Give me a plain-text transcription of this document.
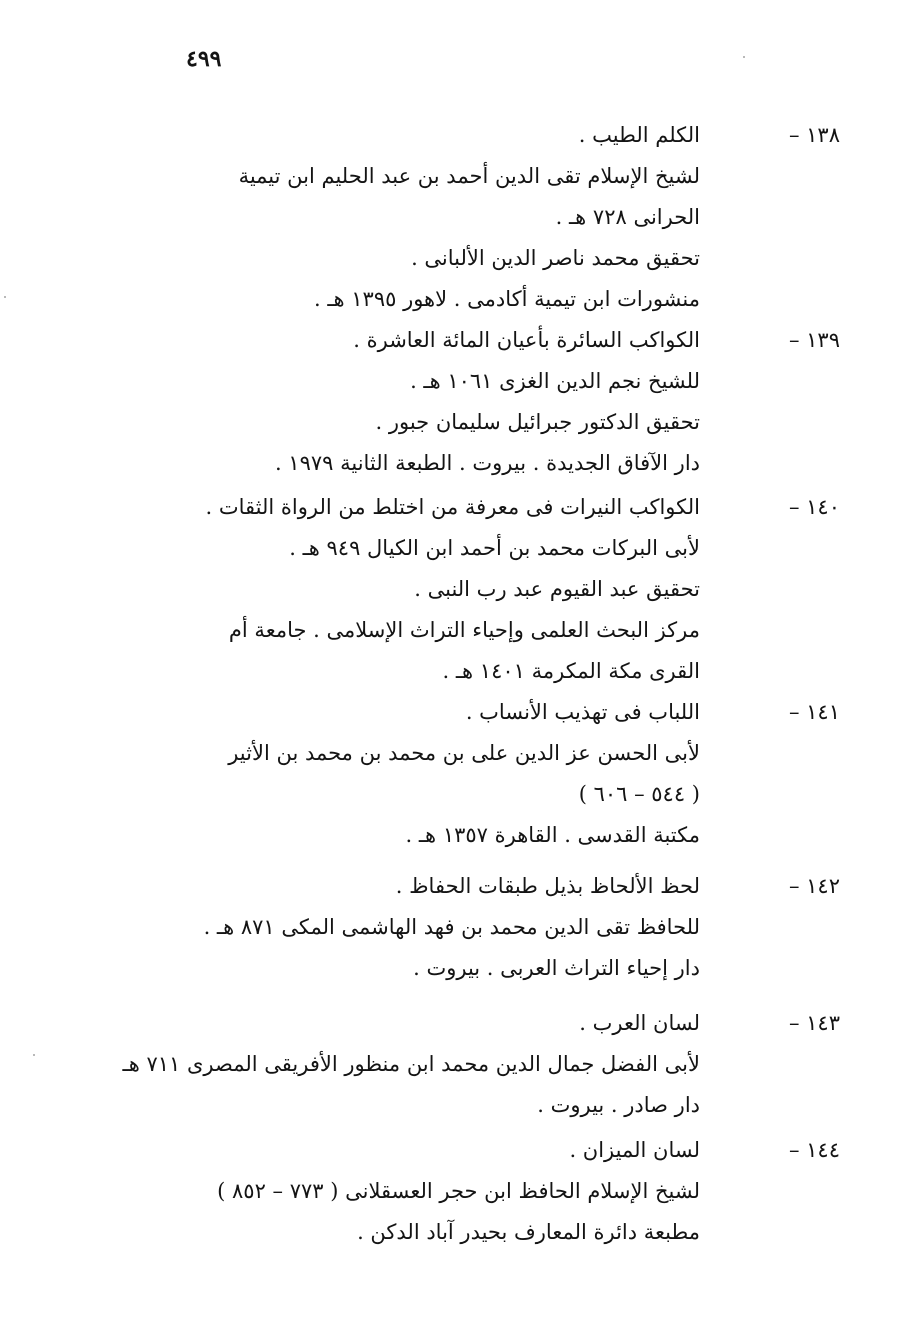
٤٩٩
١٣٨ –
الكلم الطيب .
لشيخ الإسلام تقى الدين أحمد بن عبد الحليم ابن تيمية
الحرانى ٧٢٨ هـ .
تحقيق محمد ناصر الدين الألبانى .
منشورات ابن تيمية أكادمى . لاهور ١٣٩٥ هـ .
١٣٩ –
الكواكب السائرة بأعيان المائة العاشرة .
للشيخ نجم الدين الغزى ١٠٦١ هـ .
تحقيق الدكتور جبرائيل سليمان جبور .
دار الآفاق الجديدة . بيروت . الطبعة الثانية ١٩٧٩ .
١٤٠ –
الكواكب النيرات فى معرفة من اختلط من الرواة الثقات .
لأبى البركات محمد بن أحمد ابن الكيال ٩٤٩ هـ .
تحقيق عبد القيوم عبد رب النبى .
مركز البحث العلمى وإحياء التراث الإسلامى . جامعة أم
القرى مكة المكرمة ١٤٠١ هـ .
١٤١ –
اللباب فى تهذيب الأنساب .
لأبى الحسن عز الدين على بن محمد بن محمد بن الأثير
( ٥٤٤ – ٦٠٦ )
مكتبة القدسى . القاهرة ١٣٥٧ هـ .
١٤٢ –
لحظ الألحاظ بذيل طبقات الحفاظ .
للحافظ تقى الدين محمد بن فهد الهاشمى المكى ٨٧١ هـ .
دار إحياء التراث العربى . بيروت .
١٤٣ –
لسان العرب .
لأبى الفضل جمال الدين محمد ابن منظور الأفريقى المصرى ٧١١ هـ
دار صادر . بيروت .
١٤٤ –
لسان الميزان .
لشيخ الإسلام الحافظ ابن حجر العسقلانى ( ٧٧٣ – ٨٥٢ )
مطبعة دائرة المعارف بحيدر آباد الدكن .
